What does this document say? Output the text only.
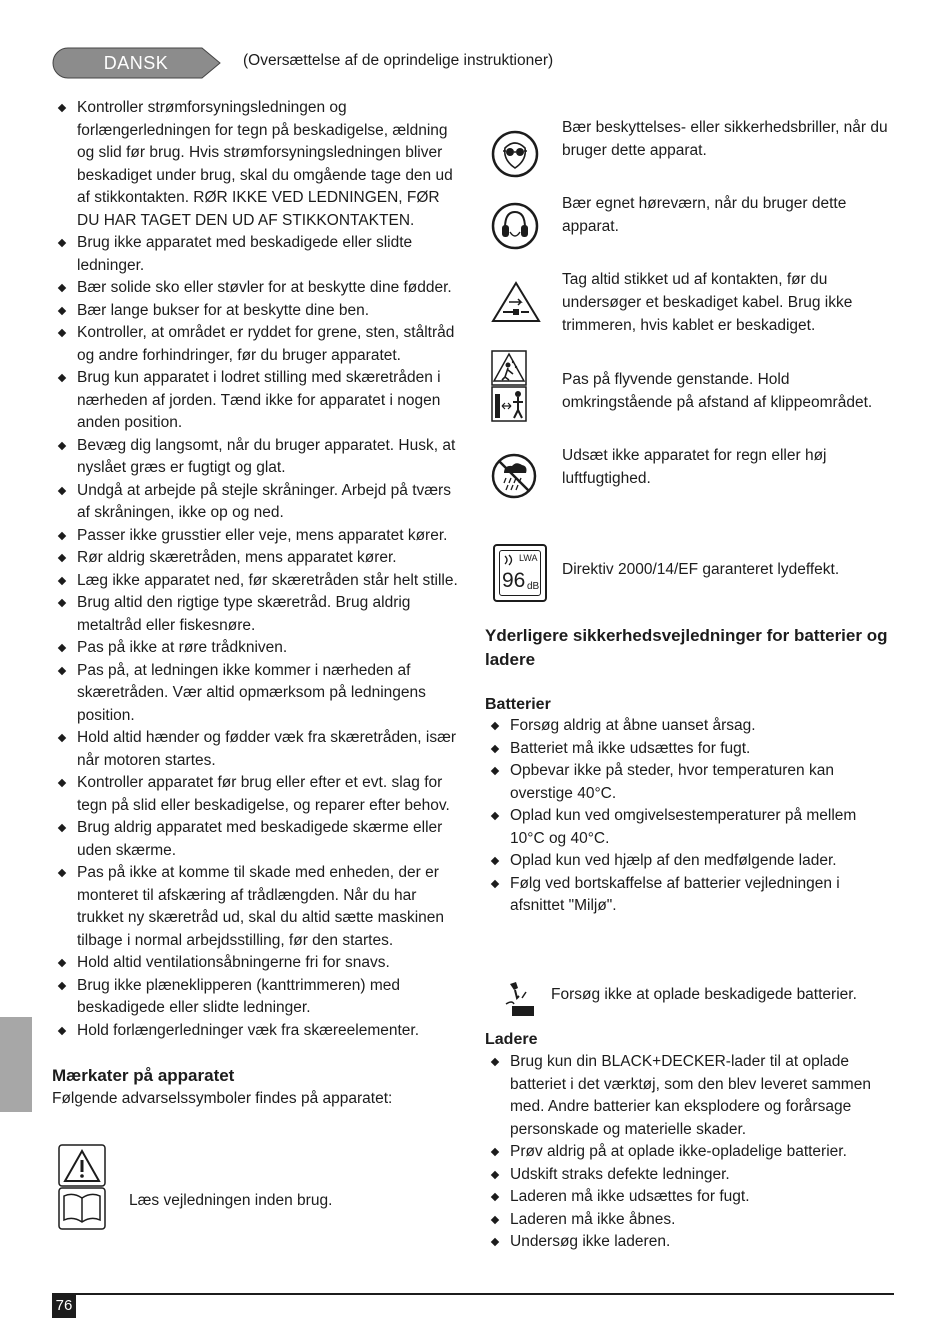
DANSK	(Oversættelse af de oprindelige instruktioner)
Kontroller strømforsyningsledningen og forlængerledningen for tegn på beskadigelse, ældning og slid før brug. Hvis strømforsyningsledningen bliver beskadiget under brug, skal du omgående tage den ud af stikkontakten. RØR IKKE VED LEDNINGEN, FØR DU HAR TAGET DEN UD AF STIKKONTAKTEN.
Brug ikke apparatet med beskadigede eller slidte ledninger.
Bær solide sko eller støvler for at beskytte dine fødder.
Bær lange bukser for at beskytte dine ben.
Kontroller, at området er ryddet for grene, sten, ståltråd og andre forhindringer, før du bruger apparatet.
Brug kun apparatet i lodret stilling med skæretråden i nærheden af jorden. Tænd ikke for apparatet i nogen anden position.
Bevæg dig langsomt, når du bruger apparatet. Husk, at nyslået græs er fugtigt og glat.
Undgå at arbejde på stejle skråninger. Arbejd på tværs af skråningen, ikke op og ned.
Passer ikke grusstier eller veje, mens apparatet kører.
Rør aldrig skæretråden, mens apparatet kører.
Læg ikke apparatet ned, før skæretråden står helt stille.
Brug altid den rigtige type skæretråd. Brug aldrig metaltråd eller fiskesnøre.
Pas på ikke at røre trådkniven.
Pas på, at ledningen ikke kommer i nærheden af skæretråden. Vær altid opmærksom på ledningens position.
Hold altid hænder og fødder væk fra skæretråden, især når motoren startes.
Kontroller apparatet før brug eller efter et evt. slag for tegn på slid eller beskadigelse, og reparer efter behov.
Brug aldrig apparatet med beskadigede skærme eller uden skærme.
Pas på ikke at komme til skade med enheden, der er monteret til afskæring af trådlængden. Når du har trukket ny skæretråd ud, skal du altid sætte maskinen tilbage i normal arbejdsstilling, før den startes.
Hold altid ventilationsåbningerne fri for snavs.
Brug ikke plæneklipperen (kanttrimmeren) med beskadigede eller slidte ledninger.
Hold forlængerledninger væk fra skæreelementer.
Mærkater på apparatet
Følgende advarselssymboler findes på apparatet:
Læs vejledningen inden brug.
Bær beskyttelses- eller sikkerhedsbriller, når du bruger dette apparat.
Bær egnet høreværn, når du bruger dette apparat.
Tag altid stikket ud af kontakten, før du undersøger et beskadiget kabel. Brug ikke trimmeren, hvis kablet er beskadiget.
Pas på flyvende genstande. Hold omkringstående på afstand af klippeområdet.
Udsæt ikke apparatet for regn eller høj luftfugtighed.
LWA
96 dB
Direktiv 2000/14/EF garanteret lydeffekt.
Yderligere sikkerhedsvejledninger for batterier og ladere
Batterier
Forsøg aldrig at åbne uanset årsag.
Batteriet må ikke udsættes for fugt.
Opbevar ikke på steder, hvor temperaturen kan overstige 40°C.
Oplad kun ved omgivelsestemperaturer på mellem 10°C og 40°C.
Oplad kun ved hjælp af den medfølgende lader.
Følg ved bortskaffelse af batterier vejledningen i afsnittet "Miljø".
Forsøg ikke at oplade beskadigede batterier.
Ladere
Brug kun din BLACK+DECKER-lader til at oplade batteriet i det værktøj, som den blev leveret sammen med. Andre batterier kan eksplodere og forårsage personskade og materielle skader.
Prøv aldrig på at oplade ikke-opladelige batterier.
Udskift straks defekte ledninger.
Laderen må ikke udsættes for fugt.
Laderen må ikke åbnes.
Undersøg ikke laderen.
76
